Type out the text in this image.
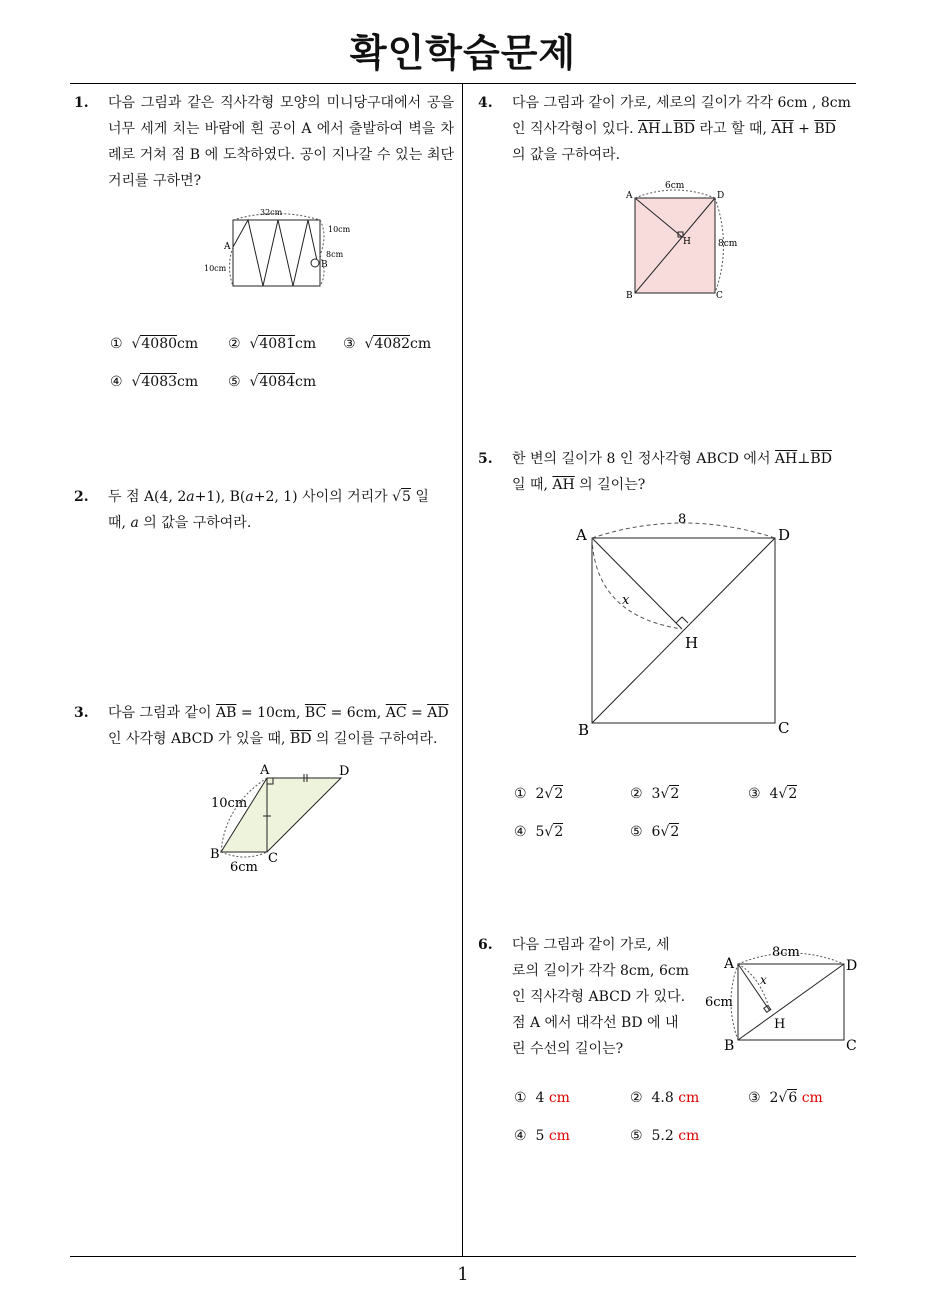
확인학습문제
1
1. 다음 그림과 같은 직사각형 모양의 미니당구대에서 공을 너무 세게 치는 바람에 흰 공이 A 에서 출발하여 벽을 차례로 거쳐 점 B 에 도착하였다. 공이 지나갈 수 있는 최단거리를 구하면?
32cm
10cm
8cm
10cm
A
B
①  √4080cm ②  √4081cm ③  √4082cm
④  √4083cm ⑤  √4084cm
2. 두 점 A(4, 2a+1), B(a+2, 1) 사이의 거리가 √5 일
때, a 의 값을 구하여라.
3. 다음 그림과 같이 $\overline{AB} = 10cm$, $\overline{BC} = 6cm$, $\overline{AC} = \overline{AD}$
인 사각형 ABCD 가 있을 때, $\overline{BD}$ 의 길이를 구하여라.
A	D
B	C
10cm
6cm
4. 다음 그림과 같이 가로, 세로의 길이가 각각 6cm , 8cm
인 직사각형이 있다. $\overline{AH}\perp\overline{BD}$ 라고 할 때, $\overline{AH} + \overline{BD}$
의 값을 구하여라.
A	D
B	C
H
6cm
8cm
5. 한 변의 길이가 8 인 정사각형 ABCD 에서 $\overline{AH}\perp\overline{BD}$
일 때, $\overline{AH}$ 의 길이는?
A	D
B	C
H
8
x
① 2√2	② 3√2	③ 4√2
④ 5√2	⑤ 6√2
6. 다음 그림과 같이 가로, 세
로의 길이가 각각 8cm, 6cm
인 직사각형 ABCD 가 있다.
점 A 에서 대각선 BD 에 내
린 수선의 길이는?
A	D
B	C
H
8cm
6cm
x
① 4 cm	② 4.8 cm	③ 2√6 cm
④ 5 cm	⑤ 5.2 cm
